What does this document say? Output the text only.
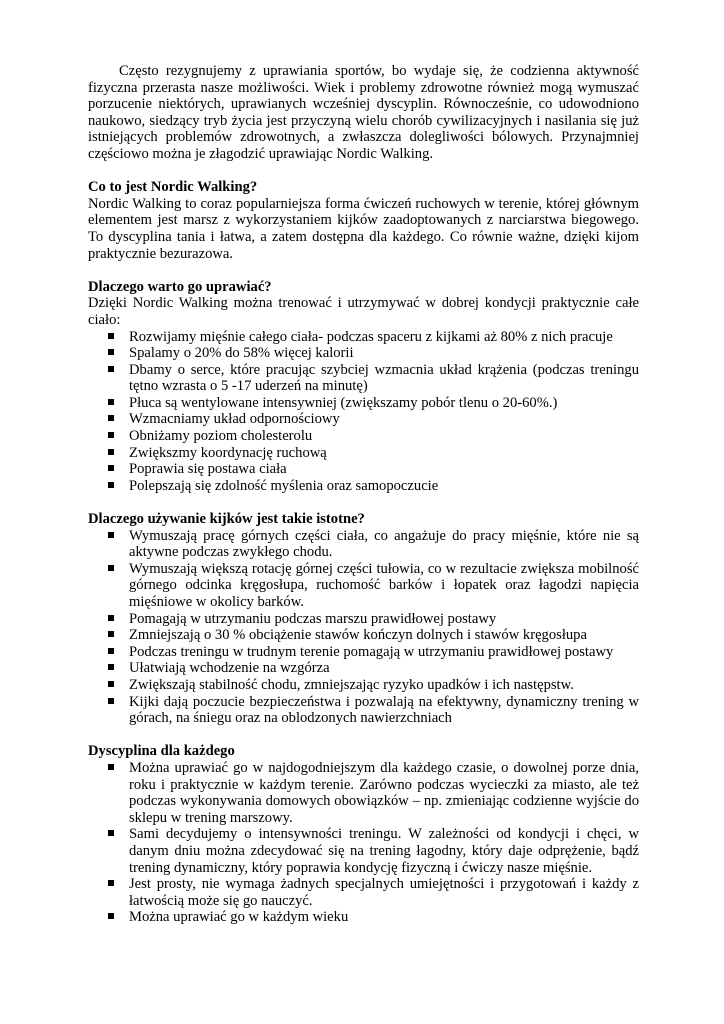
Często rezygnujemy z uprawiania sportów, bo wydaje się, że codzienna aktywność fizyczna przerasta nasze możliwości. Wiek i problemy zdrowotne również mogą wymuszać porzucenie niektórych, uprawianych wcześniej dyscyplin. Równocześnie, co udowodniono naukowo, siedzący tryb życia jest przyczyną wielu chorób cywilizacyjnych i nasilania się już istniejących problemów zdrowotnych, a zwłaszcza dolegliwości bólowych. Przynajmniej częściowo można je złagodzić uprawiając Nordic Walking.

Co to jest Nordic Walking?

Nordic Walking to coraz popularniejsza forma ćwiczeń ruchowych w terenie, której głównym elementem jest marsz z wykorzystaniem kijków zaadoptowanych z narciarstwa biegowego. To dyscyplina tania i łatwa, a zatem dostępna dla każdego. Co równie ważne, dzięki kijom praktycznie bezurazowa.

Dlaczego warto go uprawiać?

Dzięki Nordic Walking można trenować i utrzymywać w dobrej kondycji praktycznie całe ciało:

Rozwijamy mięśnie całego ciała- podczas spaceru z kijkami aż 80% z nich pracuje
Spalamy o 20% do 58% więcej kalorii
Dbamy o serce, które pracując szybciej wzmacnia układ krążenia (podczas treningu tętno wzrasta o 5 -17 uderzeń na minutę)
Płuca są wentylowane intensywniej (zwiększamy pobór tlenu o 20-60%.)
Wzmacniamy układ odpornościowy
Obniżamy poziom cholesterolu
Zwiększmy koordynację ruchową
Poprawia się postawa ciała
Polepszają się zdolność myślenia oraz samopoczucie
Dlaczego używanie kijków jest takie istotne?
Wymuszają pracę górnych części ciała, co angażuje do pracy mięśnie, które nie są aktywne podczas zwykłego chodu.
Wymuszają większą rotację górnej części tułowia, co w rezultacie zwiększa mobilność górnego odcinka kręgosłupa, ruchomość barków i łopatek oraz łagodzi napięcia mięśniowe w okolicy barków.
Pomagają w utrzymaniu podczas marszu prawidłowej postawy
Zmniejszają o 30 % obciążenie stawów kończyn dolnych i stawów kręgosłupa
Podczas treningu w trudnym terenie pomagają w utrzymaniu prawidłowej postawy
Ułatwiają wchodzenie na wzgórza
Zwiększają stabilność chodu, zmniejszając ryzyko upadków i ich następstw.
Kijki dają poczucie bezpieczeństwa i pozwalają na efektywny, dynamiczny trening w górach, na śniegu oraz na oblodzonych nawierzchniach
Dyscyplina dla każdego
Można uprawiać go w najdogodniejszym dla każdego czasie, o dowolnej porze dnia, roku i praktycznie w każdym terenie. Zarówno podczas wycieczki za miasto, ale też podczas wykonywania domowych obowiązków – np. zmieniając codzienne wyjście do sklepu w trening marszowy.
Sami decydujemy o intensywności treningu. W zależności od kondycji i chęci, w danym dniu można zdecydować się na trening łagodny, który daje odprężenie, bądź trening dynamiczny, który poprawia kondycję fizyczną i ćwiczy nasze mięśnie.
Jest prosty, nie wymaga żadnych specjalnych umiejętności i przygotowań i każdy z łatwością może się go nauczyć.
Można uprawiać go w każdym wieku
